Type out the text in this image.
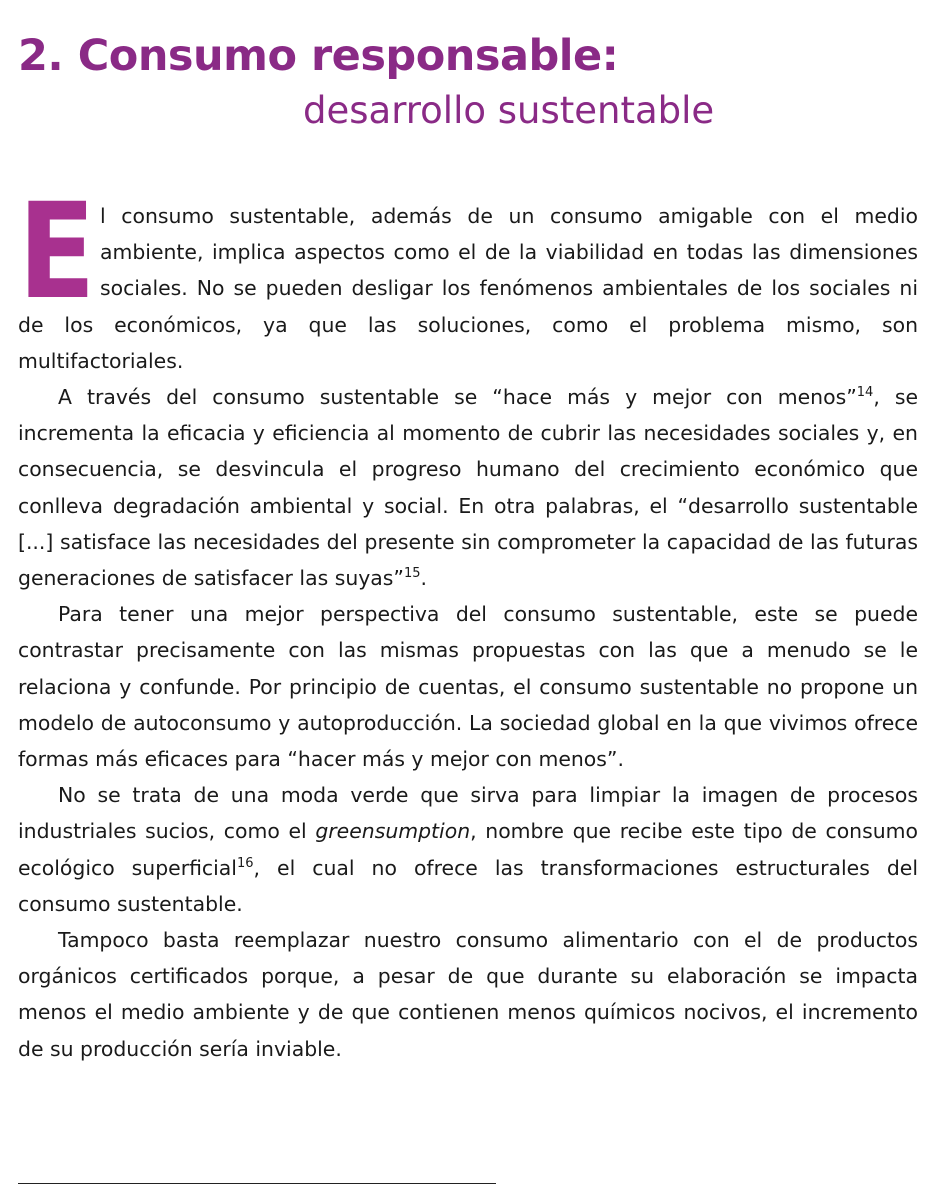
2. Consumo responsable:
desarrollo sustentable

El consumo sustentable, además de un consumo amigable con el medio ambiente, implica aspectos como el de la viabilidad en todas las dimensiones sociales. No se pueden desligar los fenómenos ambientales de los sociales ni de los económicos, ya que las soluciones, como el problema mismo, son multifactoriales.

A través del consumo sustentable se “hace más y mejor con menos”$^{14}$, se incrementa la eficacia y eficiencia al momento de cubrir las necesidades sociales y, en consecuencia, se desvincula el progreso humano del crecimiento económico que conlleva degradación ambiental y social. En otra palabras, el “desarrollo sustentable [...] satisface las necesidades del presente sin comprometer la capacidad de las futuras generaciones de satisfacer las suyas”$^{15}$.

Para tener una mejor perspectiva del consumo sustentable, este se puede contrastar precisamente con las mismas propuestas con las que a menudo se le relaciona y confunde. Por principio de cuentas, el consumo sustentable no propone un modelo de autoconsumo y autoproducción. La sociedad global en la que vivimos ofrece formas más eficaces para “hacer más y mejor con menos”.

No se trata de una moda verde que sirva para limpiar la imagen de procesos industriales sucios, como el greensumption, nombre que recibe este tipo de consumo ecológico superficial$^{16}$, el cual no ofrece las transformaciones estructurales del consumo sustentable.

Tampoco basta reemplazar nuestro consumo alimentario con el de productos orgánicos certificados porque, a pesar de que durante su elaboración se impacta menos el medio ambiente y de que contienen menos químicos nocivos, el incremento de su producción sería inviable.
